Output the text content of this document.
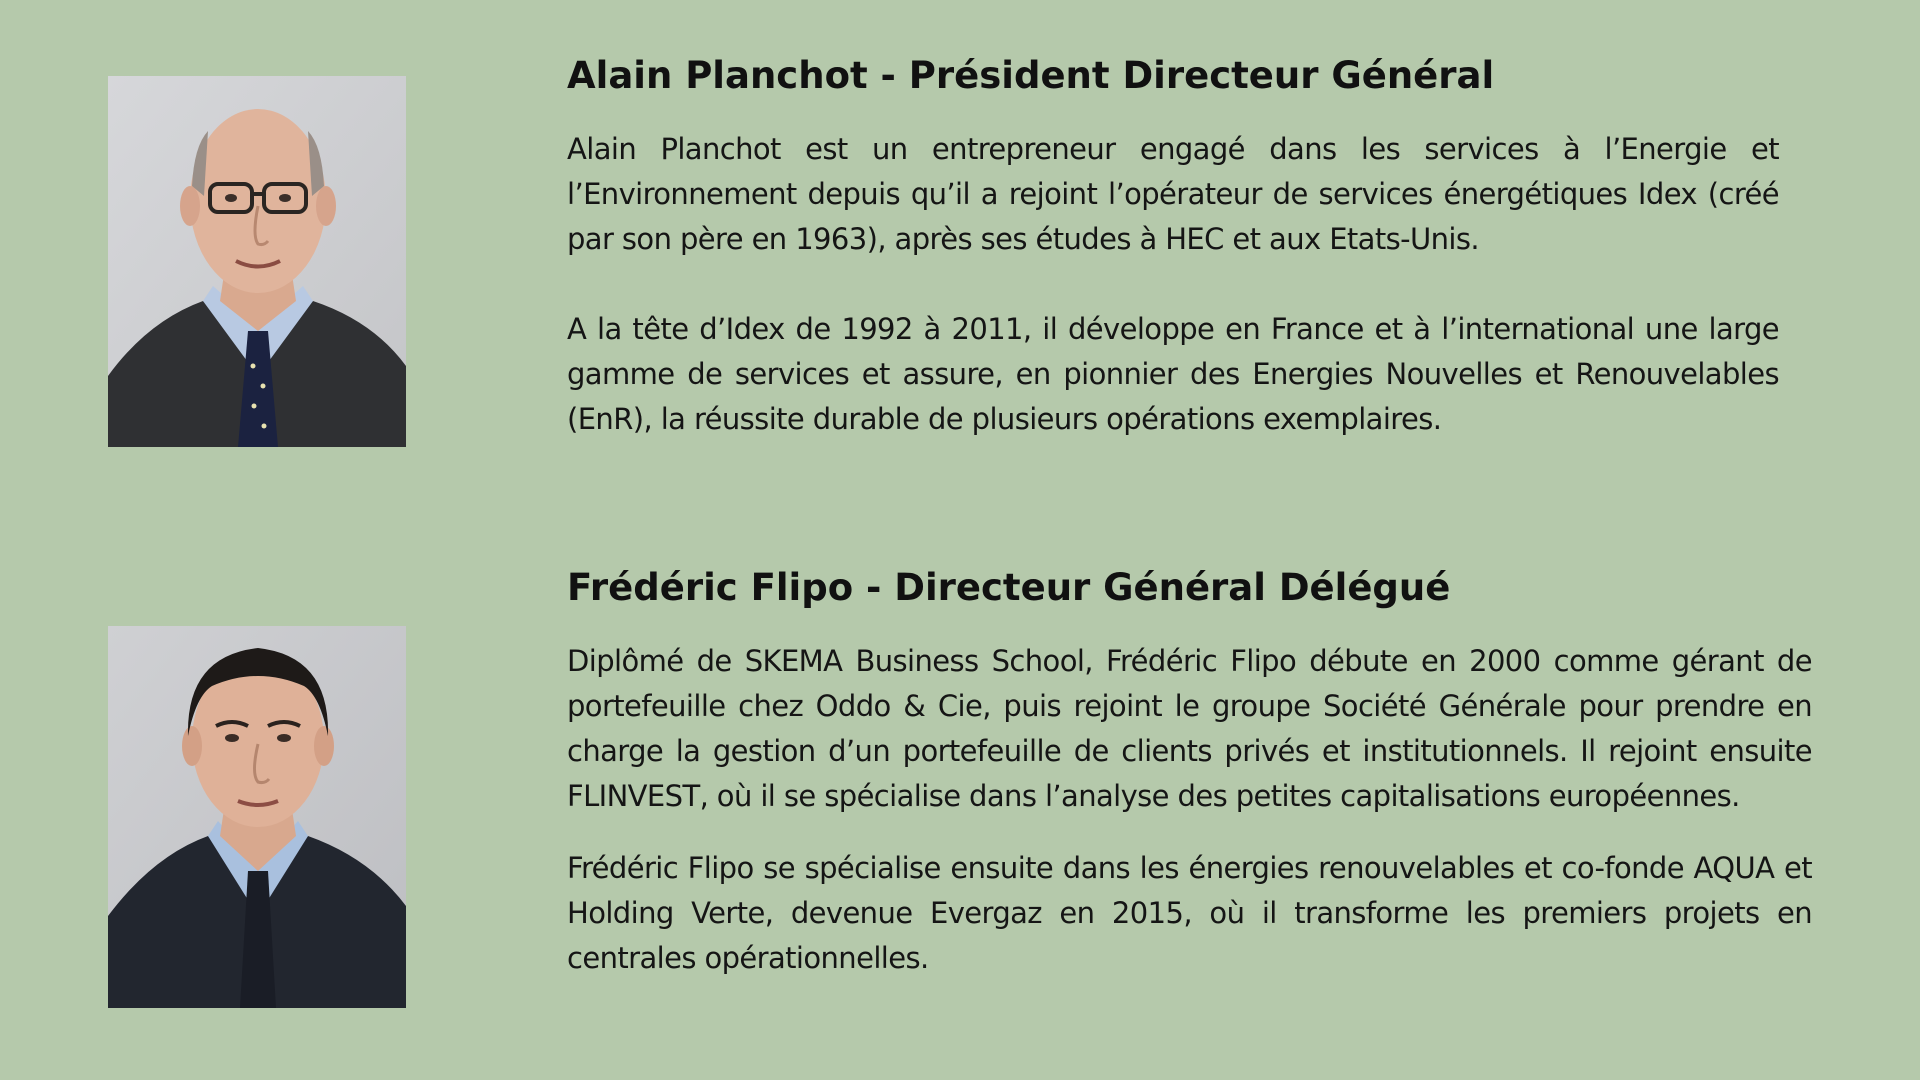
Alain Planchot - Président Directeur Général

Alain Planchot est un entrepreneur engagé dans les services à l’Energie et l’Environnement depuis qu’il a rejoint l’opérateur de services énergétiques Idex (créé par son père en 1963), après ses études à HEC et aux Etats-Unis.

A la tête d’Idex de 1992 à 2011, il développe en France et à l’international une large gamme de services et assure, en pionnier des Energies Nouvelles et Renouvelables (EnR), la réussite durable de plusieurs opérations exemplaires.

Frédéric Flipo - Directeur Général Délégué

Diplômé de SKEMA Business School, Frédéric Flipo débute en 2000 comme gérant de portefeuille chez Oddo & Cie, puis rejoint le groupe Société Générale pour prendre en charge la gestion d’un portefeuille de clients privés et institutionnels. Il rejoint ensuite FLINVEST, où il se spécialise dans l’analyse des petites capitalisations européennes.

Frédéric Flipo se spécialise ensuite dans les énergies renouvelables et co-fonde AQUA et Holding Verte, devenue Evergaz en 2015, où il transforme les premiers projets en centrales opérationnelles.
